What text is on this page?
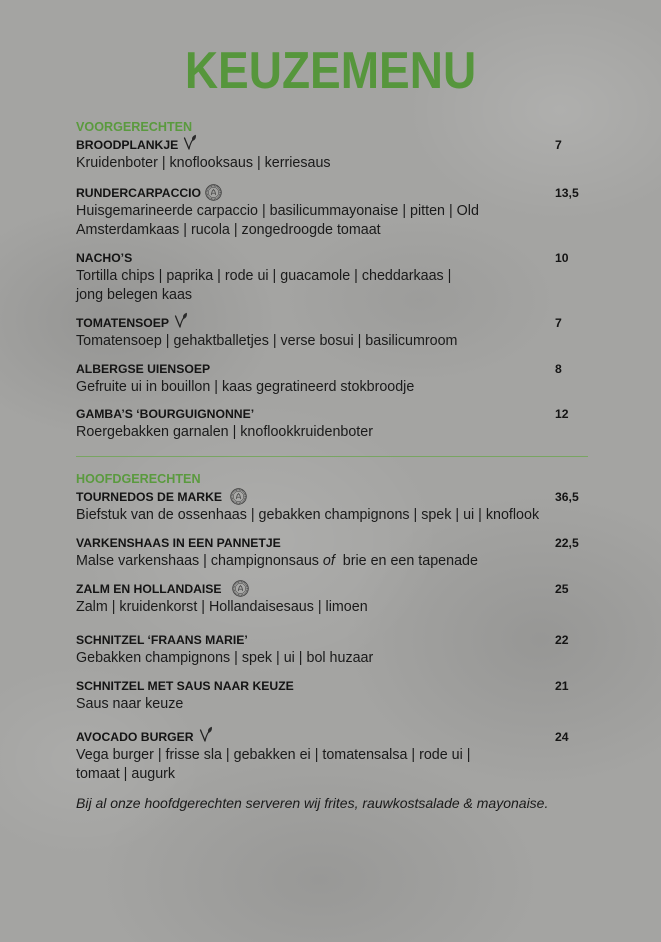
KEUZEMENU
VOORGERECHTEN
BROODPLANKJE	7
Kruidenboter | knoflooksaus | kerriesaus
RUNDERCARPACCIO	13,5
Huisgemarineerde carpaccio | basilicummayonaise | pitten | Old
Amsterdamkaas | rucola | zongedroogde tomaat
NACHO’S	10
Tortilla chips | paprika | rode ui | guacamole | cheddarkaas |
jong belegen kaas
TOMATENSOEP	7
Tomatensoep | gehaktballetjes | verse bosui | basilicumroom
ALBERGSE UIENSOEP	8
Gefruite ui in bouillon | kaas gegratineerd stokbroodje
GAMBA’S ‘BOURGUIGNONNE’	12
Roergebakken garnalen | knoflookkruidenboter
HOOFDGERECHTEN
TOURNEDOS DE MARKE	36,5
Biefstuk van de ossenhaas | gebakken champignons | spek | ui | knoflook
VARKENSHAAS IN EEN PANNETJE	22,5
Malse varkenshaas | champignonsaus of  brie en een tapenade
ZALM EN HOLLANDAISE	25
Zalm | kruidenkorst | Hollandaisesaus | limoen
SCHNITZEL ‘FRAANS MARIE’	22
Gebakken champignons | spek | ui | bol huzaar
SCHNITZEL MET SAUS NAAR KEUZE	21
Saus naar keuze
AVOCADO BURGER	24
Vega burger | frisse sla | gebakken ei | tomatensalsa | rode ui |
tomaat | augurk
Bij al onze hoofdgerechten serveren wij frites, rauwkostsalade & mayonaise.
